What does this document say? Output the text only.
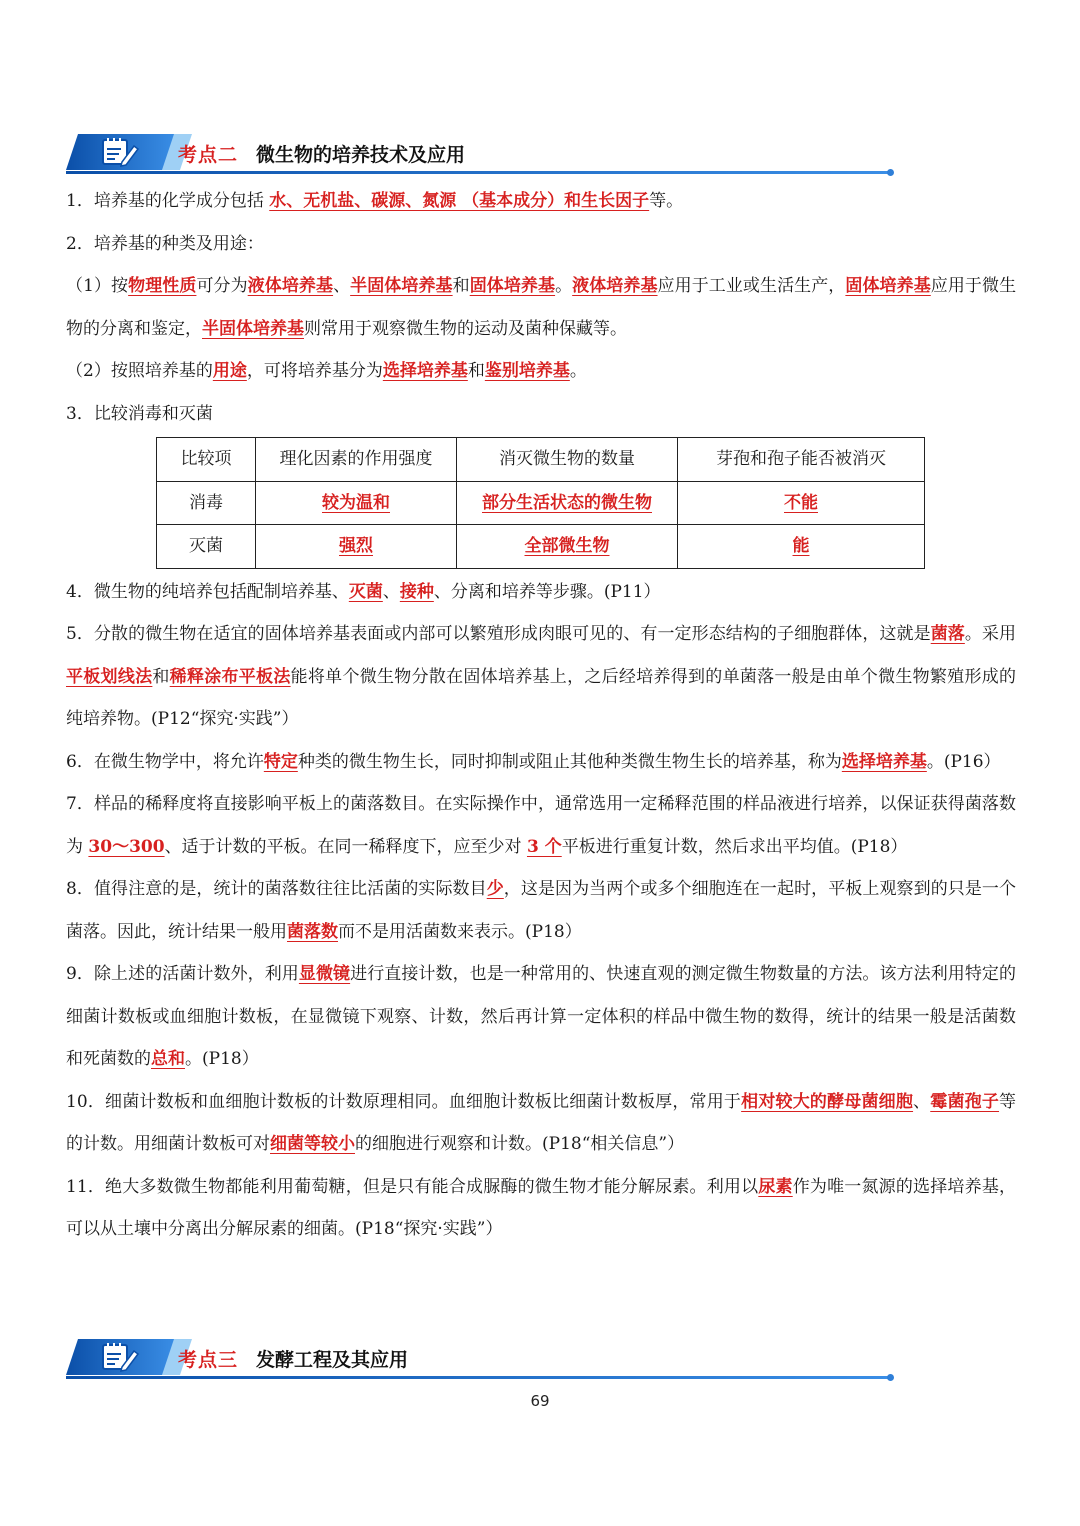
考点二 微生物的培养技术及应用

1．培养基的化学成分包括 水、无机盐、碳源、氮源 （基本成分）和生长因子等。

2．培养基的种类及用途：

（1）按物理性质可分为液体培养基、半固体培养基和固体培养基。液体培养基应用于工业或生活生产，固体培养基应用于微生物的分离和鉴定，半固体培养基则常用于观察微生物的运动及菌种保藏等。

（2）按照培养基的用途，可将培养基分为选择培养基和鉴别培养基。

3．比较消毒和灭菌

比较项	理化因素的作用强度	消灭微生物的数量	芽孢和孢子能否被消灭
消毒	较为温和	部分生活状态的微生物	不能
灭菌	强烈	全部微生物	能

4．微生物的纯培养包括配制培养基、灭菌、接种、分离和培养等步骤。(P11）

5．分散的微生物在适宜的固体培养基表面或内部可以繁殖形成肉眼可见的、有一定形态结构的子细胞群体，这就是菌落。采用平板划线法和稀释涂布平板法能将单个微生物分散在固体培养基上，之后经培养得到的单菌落一般是由单个微生物繁殖形成的纯培养物。(P12“探究·实践”）

6．在微生物学中，将允许特定种类的微生物生长，同时抑制或阻止其他种类微生物生长的培养基，称为选择培养基。(P16）

7．样品的稀释度将直接影响平板上的菌落数目。在实际操作中，通常选用一定稀释范围的样品液进行培养，以保证获得菌落数为 30～300、适于计数的平板。在同一稀释度下，应至少对 3 个平板进行重复计数，然后求出平均值。(P18）

8．值得注意的是，统计的菌落数往往比活菌的实际数目少，这是因为当两个或多个细胞连在一起时，平板上观察到的只是一个菌落。因此，统计结果一般用菌落数而不是用活菌数来表示。(P18）

9．除上述的活菌计数外，利用显微镜进行直接计数，也是一种常用的、快速直观的测定微生物数量的方法。该方法利用特定的细菌计数板或血细胞计数板，在显微镜下观察、计数，然后再计算一定体积的样品中微生物的数得，统计的结果一般是活菌数和死菌数的总和。(P18）

10．细菌计数板和血细胞计数板的计数原理相同。血细胞计数板比细菌计数板厚，常用于相对较大的酵母菌细胞、霉菌孢子等的计数。用细菌计数板可对细菌等较小的细胞进行观察和计数。(P18“相关信息”）

11．绝大多数微生物都能利用葡萄糖，但是只有能合成脲酶的微生物才能分解尿素。利用以尿素作为唯一氮源的选择培养基，可以从土壤中分离出分解尿素的细菌。(P18“探究·实践”）

考点三 发酵工程及其应用
69
